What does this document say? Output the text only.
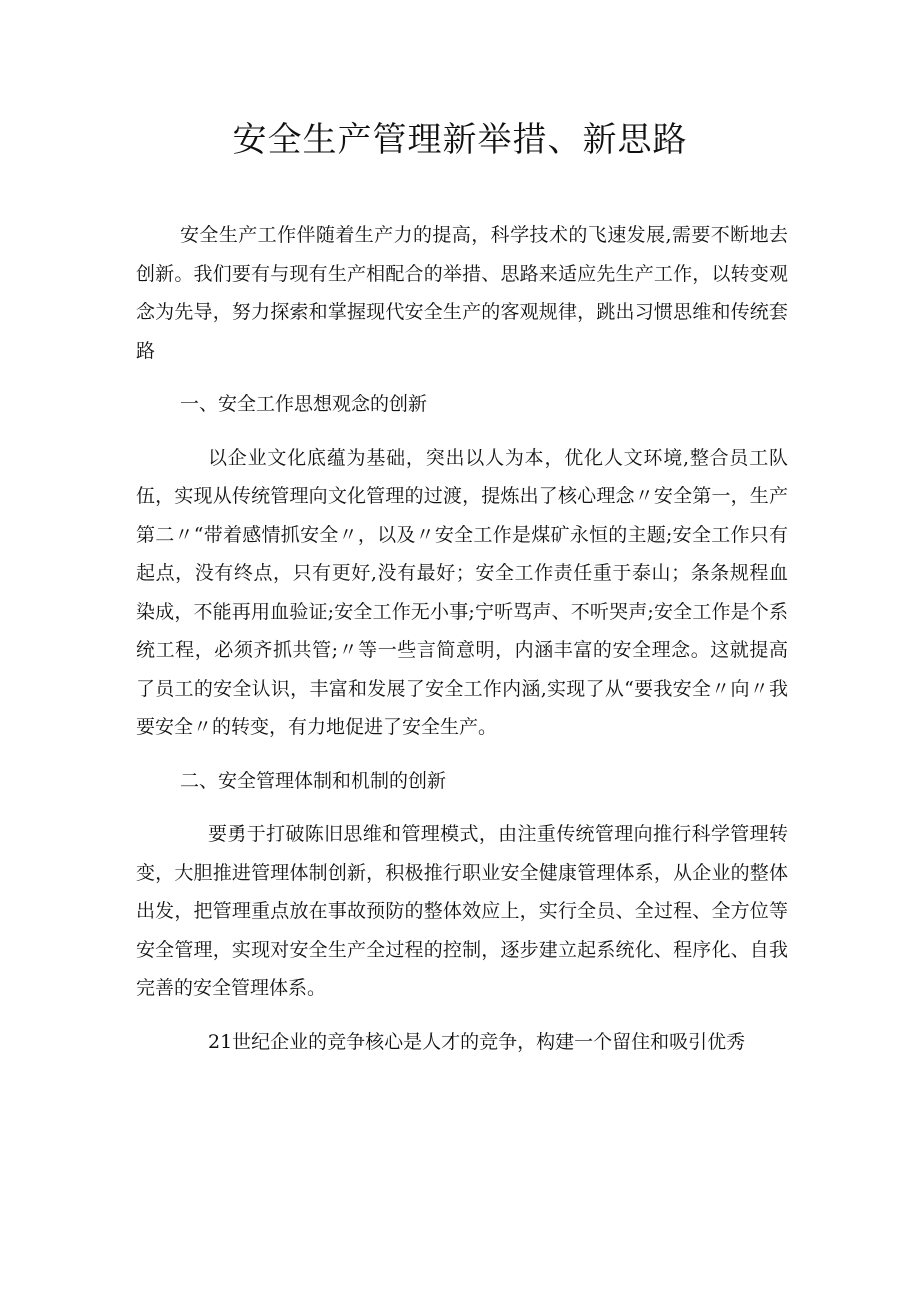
安全生产管理新举措、新思路

安全生产工作伴随着生产力的提高，科学技术的飞速发展,需要不断地去创新。我们要有与现有生产相配合的举措、思路来适应先生产工作，以转变观念为先导，努力探索和掌握现代安全生产的客观规律，跳出习惯思维和传统套路

一、安全工作思想观念的创新

以企业文化底蕴为基础，突出以人为本，优化人文环境,整合员工队伍，实现从传统管理向文化管理的过渡，提炼出了核心理念〃安全第一，生产第二〃“带着感情抓安全〃，以及〃安全工作是煤矿永恒的主题;安全工作只有起点，没有终点，只有更好,没有最好；安全工作责任重于泰山；条条规程血染成，不能再用血验证;安全工作无小事;宁听骂声、不听哭声;安全工作是个系统工程，必须齐抓共管;〃等一些言简意明，内涵丰富的安全理念。这就提高了员工的安全认识，丰富和发展了安全工作内涵,实现了从“要我安全〃向〃我要安全〃的转变，有力地促进了安全生产。

二、安全管理体制和机制的创新

要勇于打破陈旧思维和管理模式，由注重传统管理向推行科学管理转变，大胆推进管理体制创新，积极推行职业安全健康管理体系，从企业的整体出发，把管理重点放在事故预防的整体效应上，实行全员、全过程、全方位等安全管理，实现对安全生产全过程的控制，逐步建立起系统化、程序化、自我完善的安全管理体系。

21世纪企业的竞争核心是人才的竞争，构建一个留住和吸引优秀
